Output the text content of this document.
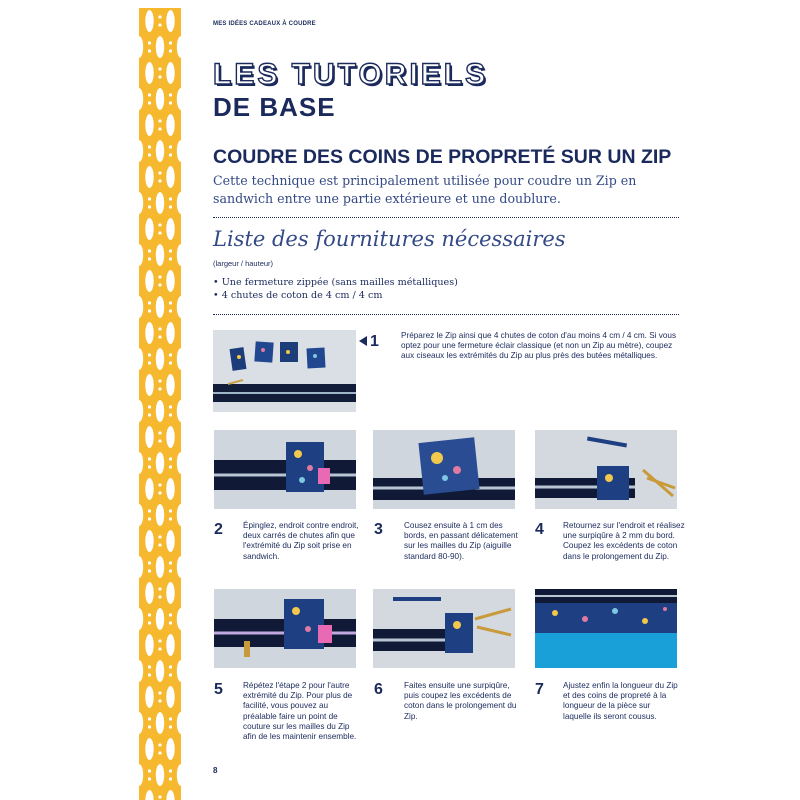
MES IDÉES CADEAUX À COUDRE
LES TUTORIELS
DE BASE
COUDRE DES COINS DE PROPRETÉ SUR UN ZIP

Cette technique est principalement utilisée pour coudre un Zip en sandwich entre une partie extérieure et une doublure.

Liste des fournitures nécessaires
(largeur / hauteur)
• Une fermeture zippée (sans mailles métalliques)
• 4 chutes de coton de 4 cm / 4 cm
1	Préparez le Zip ainsi que 4 chutes de coton d'au moins 4 cm / 4 cm. Si vous optez pour une fermeture éclair classique (et non un Zip au mètre), coupez aux ciseaux les extrémités du Zip au plus près des butées métalliques.
2 Épinglez, endroit contre endroit, deux carrés de chutes afin que l'extrémité du Zip soit prise en sandwich.
3	Cousez ensuite à 1 cm des bords, en passant délicatement sur les mailles du Zip (aiguille standard 80-90).
4 Retournez sur l'endroit et réalisez une surpiqûre à 2 mm du bord. Coupez les excédents de coton dans le prolongement du Zip.
5 Répétez l'étape 2 pour l'autre extrémité du Zip. Pour plus de facilité, vous pouvez au préalable faire un point de couture sur les mailles du Zip afin de les maintenir ensemble.
6	Faites ensuite une surpiqûre, puis coupez les excédents de coton dans le prolongement du Zip.
7 Ajustez enfin la longueur du Zip et des coins de propreté à la longueur de la pièce sur laquelle ils seront cousus.
8
